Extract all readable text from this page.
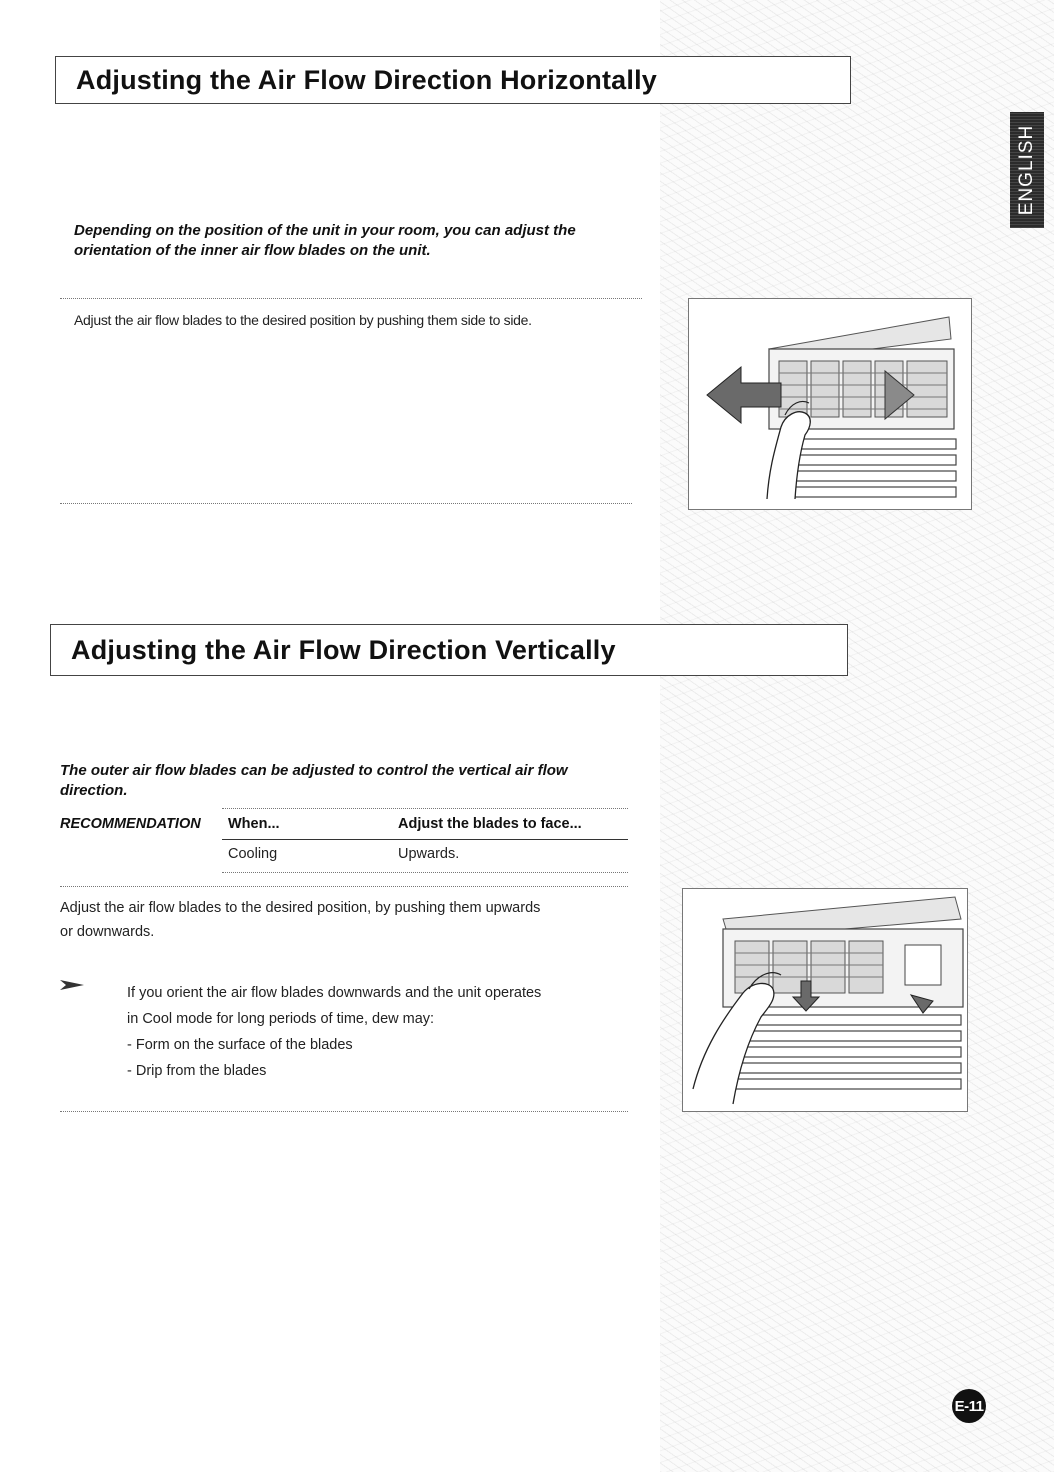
ENGLISH
Adjusting the Air Flow Direction Horizontally

Depending on the position of the unit in your room, you can adjust the orientation of the inner air flow blades on the unit.

Adjust the air flow blades to the desired position by pushing them side to side.

Adjusting the Air Flow Direction Vertically

The outer air flow blades can be adjusted to control the vertical air flow direction.

RECOMMENDATION When...	Adjust the blades to face...
Cooling	Upwards.

Adjust the air flow blades to the desired position, by pushing them upwards or downwards.

If you orient the air flow blades downwards and the unit operates
in Cool mode for long periods of time, dew may:
- Form on the surface of the blades
- Drip from the blades
E-11
